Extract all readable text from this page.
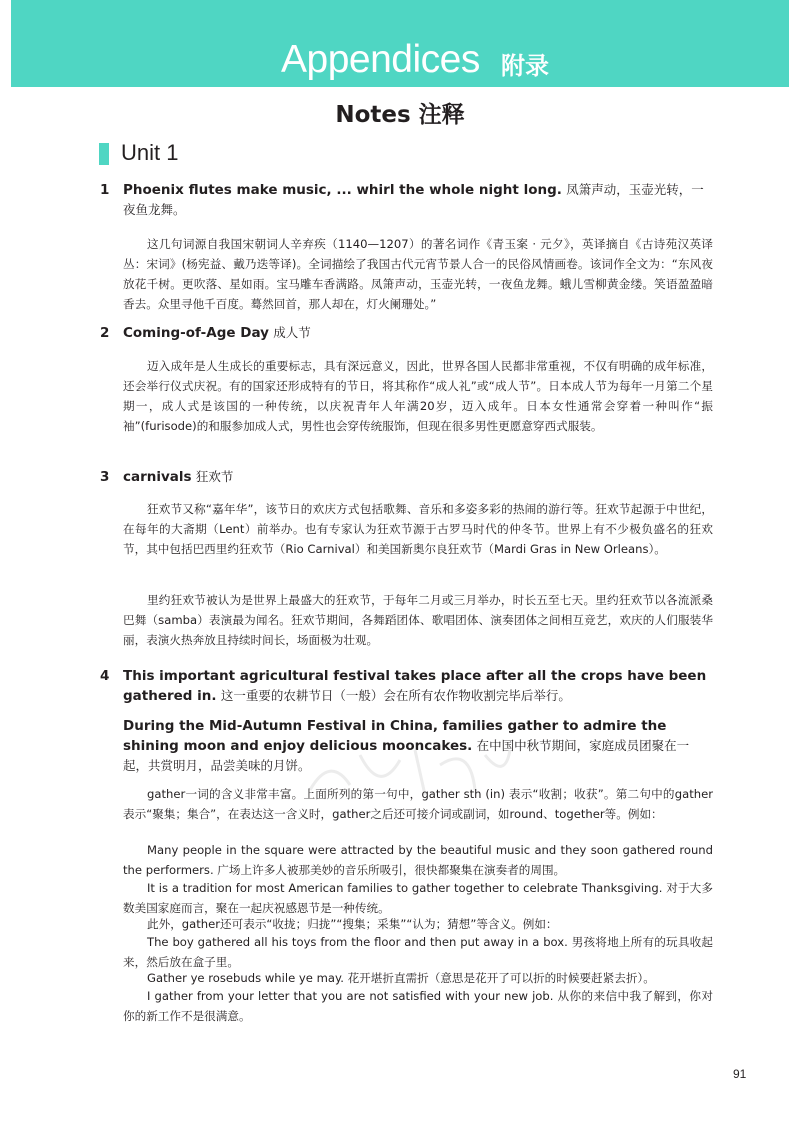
Appendices 附录
Notes 注释
Unit 1
1 Phoenix flutes make music, ... whirl the whole night long. 凤箫声动，玉壶光转，一夜鱼龙舞。

这几句词源自我国宋朝词人辛弃疾（1140—1207）的著名词作《青玉案 · 元夕》，英译摘自《古诗苑汉英译丛：宋词》(杨宪益、戴乃迭等译)。全词描绘了我国古代元宵节景人合一的民俗风情画卷。该词作全文为：“东风夜放花千树。更吹落、星如雨。宝马雕车香满路。凤箫声动，玉壶光转，一夜鱼龙舞。蛾儿雪柳黄金缕。笑语盈盈暗香去。众里寻他千百度。蓦然回首，那人却在，灯火阑珊处。”

2 Coming-of-Age Day 成人节

迈入成年是人生成长的重要标志，具有深远意义，因此，世界各国人民都非常重视，不仅有明确的成年标准，还会举行仪式庆祝。有的国家还形成特有的节日，将其称作“成人礼”或“成人节”。日本成人节为每年一月第二个星期一，成人式是该国的一种传统，以庆祝青年人年满20岁，迈入成年。日本女性通常会穿着一种叫作“振袖”(furisode)的和服参加成人式，男性也会穿传统服饰，但现在很多男性更愿意穿西式服装。

3 carnivals 狂欢节

狂欢节又称“嘉年华”，该节日的欢庆方式包括歌舞、音乐和多姿多彩的热闹的游行等。狂欢节起源于中世纪，在每年的大斋期（Lent）前举办。也有专家认为狂欢节源于古罗马时代的仲冬节。世界上有不少极负盛名的狂欢节，其中包括巴西里约狂欢节（Rio Carnival）和美国新奥尔良狂欢节（Mardi Gras in New Orleans）。

里约狂欢节被认为是世界上最盛大的狂欢节，于每年二月或三月举办，时长五至七天。里约狂欢节以各流派桑巴舞（samba）表演最为闻名。狂欢节期间，各舞蹈团体、歌唱团体、演奏团体之间相互竞艺，欢庆的人们服装华丽，表演火热奔放且持续时间长，场面极为壮观。

4 This important agricultural festival takes place after all the crops have been gathered in. 这一重要的农耕节日（一般）会在所有农作物收割完毕后举行。
During the Mid-Autumn Festival in China, families gather to admire the shining moon and enjoy delicious mooncakes. 在中国中秋节期间，家庭成员团聚在一起，共赏明月，品尝美味的月饼。

gather一词的含义非常丰富。上面所列的第一句中，gather sth (in) 表示“收割；收获”。第二句中的gather表示“聚集；集合”，在表达这一含义时，gather之后还可接介词或副词，如round、together等。例如：

Many people in the square were attracted by the beautiful music and they soon gathered round the performers. 广场上许多人被那美妙的音乐所吸引，很快都聚集在演奏者的周围。

It is a tradition for most American families to gather together to celebrate Thanksgiving. 对于大多数美国家庭而言，聚在一起庆祝感恩节是一种传统。

此外，gather还可表示“收拢；归拢”“搜集；采集”“认为；猜想”等含义。例如：

The boy gathered all his toys from the floor and then put away in a box. 男孩将地上所有的玩具收起来，然后放在盒子里。

Gather ye rosebuds while ye may. 花开堪折直需折（意思是花开了可以折的时候要赶紧去折）。

I gather from your letter that you are not satisfied with your new job. 从你的来信中我了解到，你对你的新工作不是很满意。

91
